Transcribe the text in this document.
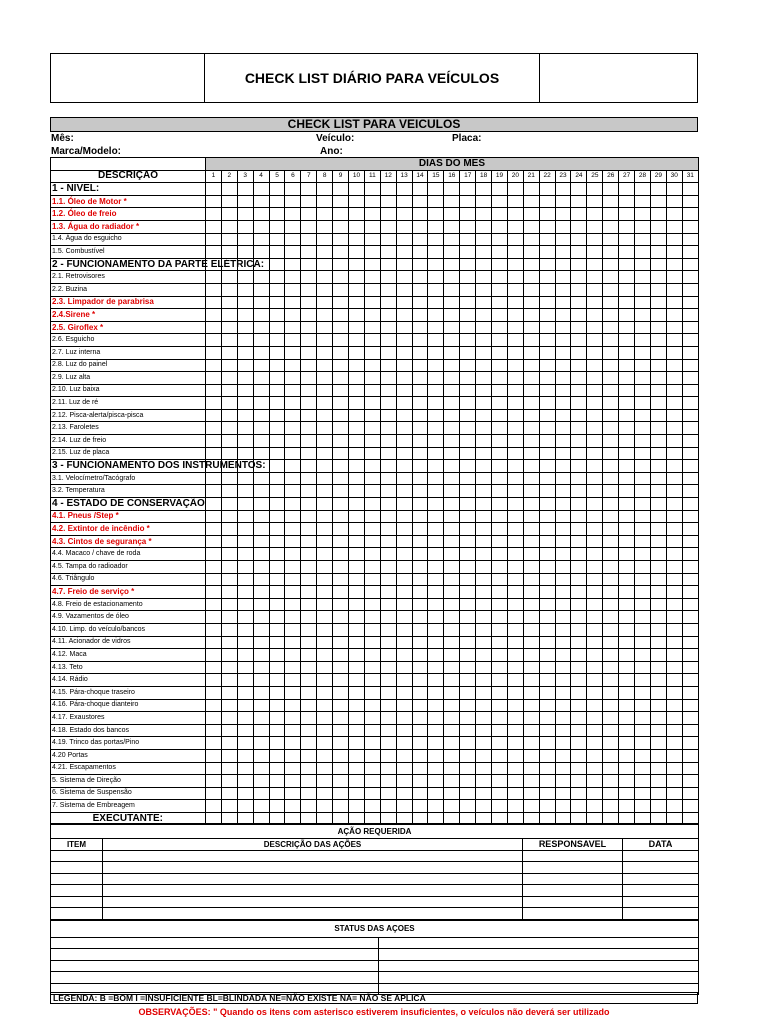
CHECK LIST DIÁRIO PARA VEÍCULOS
CHECK LIST PARA VEICULOS
Mês:	Veículo:	Placa:
Marca/Modelo:	Ano:
	DIAS DO MES																														
DESCRIÇAO	1	2	3	4	5	6	7	8	9	10	11	12	13	14	15	16	17	18	19	20	21	22	23	24	25	26	27	28	29	30	31
1 - NIVEL:																															
1.1. Óleo de Motor *																															
1.2. Óleo de freio																															
1.3. Água do radiador *																															
1.4. Água do esguicho																															
1.5. Combustível																															
2 - FUNCIONAMENTO DA PARTE ELÉTRICA:																															
2.1. Retrovisores																															
2.2. Buzina																															
2.3. Limpador de parabrisa																															
2.4.Sirene *																															
2.5. Giroflex *																															
2.6. Esguicho																															
2.7. Luz interna																															
2.8. Luz do painel																															
2.9. Luz alta																															
2.10. Luz baixa																															
2.11. Luz de ré																															
2.12. Pisca-alerta/pisca-pisca																															
2.13. Faroletes																															
2.14. Luz de freio																															
2.15. Luz de placa																															
3 - FUNCIONAMENTO DOS INSTRUMENTOS:																															
3.1. Velocímetro/Tacógrafo																															
3.2. Temperatura																															
4 - ESTADO DE CONSERVAÇÃO																															
4.1. Pneus /Step *																															
4.2. Extintor de incêndio *																															
4.3. Cintos de segurança *																															
4.4. Macaco / chave de roda																															
4.5. Tampa do radioador																															
4.6. Triângulo																															
4.7. Freio de serviço *																															
4.8. Freio de estacionamento																															
4.9. Vazamentos de óleo																															
4.10. Limp. do veículo/bancos																															
4.11. Acionador de vidros																															
4.12. Maca																															
4.13. Teto																															
4.14. Rádio																															
4.15. Pára-choque traseiro																															
4.16. Pára-choque dianteiro																															
4.17. Exaustores																															
4.18. Estado dos bancos																															
4.19. Trinco das portas/Pino																															
4.20 Portas																															
4.21. Escapamentos																															
5. Sistema de Direção																															
6. Sistema de Suspensão																															
7. Sistema de Embreagem																															
EXECUTANTE:																															
AÇÃO REQUERIDA			
ITEM	DESCRIÇÃO DAS AÇÕES	RESPONSAVEL	DATA

STATUS DAS AÇOES	

LEGENDA: B =BOM I =INSUFICIENTE BL=BLINDADA NE=NÃO EXISTE NA= NÃO SE APLICA
OBSERVAÇÕES: " Quando os itens com asterisco estiverem insuficientes, o veículos não deverá ser utilizado
